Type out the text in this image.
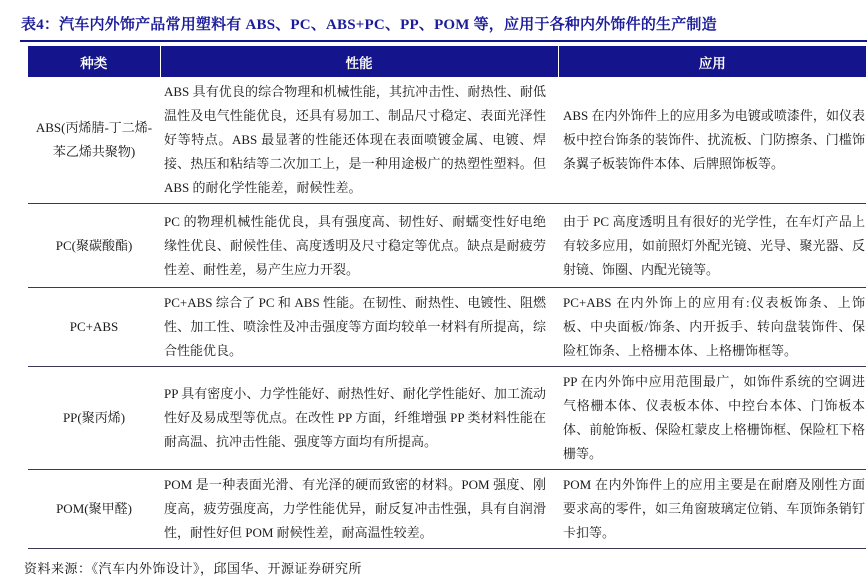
表4：汽车内外饰产品常用塑料有 ABS、PC、ABS+PC、PP、POM 等，应用于各种内外饰件的生产制造
种类	性能	应用
ABS(丙烯腈-丁二烯-苯乙烯共聚物)	ABS 具有优良的综合物理和机械性能，其抗冲击性、耐热性、耐低温性及电气性能优良，还具有易加工、制品尺寸稳定、表面光泽性好等特点。ABS 最显著的性能还体现在表面喷镀金属、电镀、焊接、热压和粘结等二次加工上，是一种用途极广的热塑性塑料。但 ABS 的耐化学性能差，耐候性差。	ABS 在内外饰件上的应用多为电镀或喷漆件，如仪表板中控台饰条的装饰件、扰流板、门防擦条、门槛饰条翼子板装饰件本体、后牌照饰板等。
PC(聚碳酸酯)	PC 的物理机械性能优良，具有强度高、韧性好、耐蠕变性好电绝缘性优良、耐候性佳、高度透明及尺寸稳定等优点。缺点是耐疲劳性差、耐性差，易产生应力开裂。	由于 PC 高度透明且有很好的光学性，在车灯产品上有较多应用，如前照灯外配光镜、光导、聚光器、反射镜、饰圈、内配光镜等。
PC+ABS	PC+ABS 综合了 PC 和 ABS 性能。在韧性、耐热性、电镀性、阻燃性、加工性、喷涂性及冲击强度等方面均较单一材料有所提高，综合性能优良。	PC+ABS 在内外饰上的应用有:仪表板饰条、上饰板、中央面板/饰条、内开扳手、转向盘装饰件、保险杠饰条、上格栅本体、上格栅饰框等。
PP(聚丙烯)	PP 具有密度小、力学性能好、耐热性好、耐化学性能好、加工流动性好及易成型等优点。在改性 PP 方面，纤维增强 PP 类材料性能在耐高温、抗冲击性能、强度等方面均有所提高。	PP 在内外饰中应用范围最广，如饰件系统的空调进气格栅本体、仪表板本体、中控台本体、门饰板本体、前舱饰板、保险杠蒙皮上格栅饰框、保险杠下格栅等。
POM(聚甲醛)	POM 是一种表面光滑、有光泽的硬而致密的材料。POM 强度、刚度高，疲劳强度高，力学性能优异，耐反复冲击性强，具有自润滑性，耐性好但 POM 耐候性差，耐高温性较差。	POM 在内外饰件上的应用主要是在耐磨及刚性方面要求高的零件，如三角窗玻璃定位销、车顶饰条销钉卡扣等。
资料来源：《汽车内外饰设计》，邱国华、开源证券研究所
